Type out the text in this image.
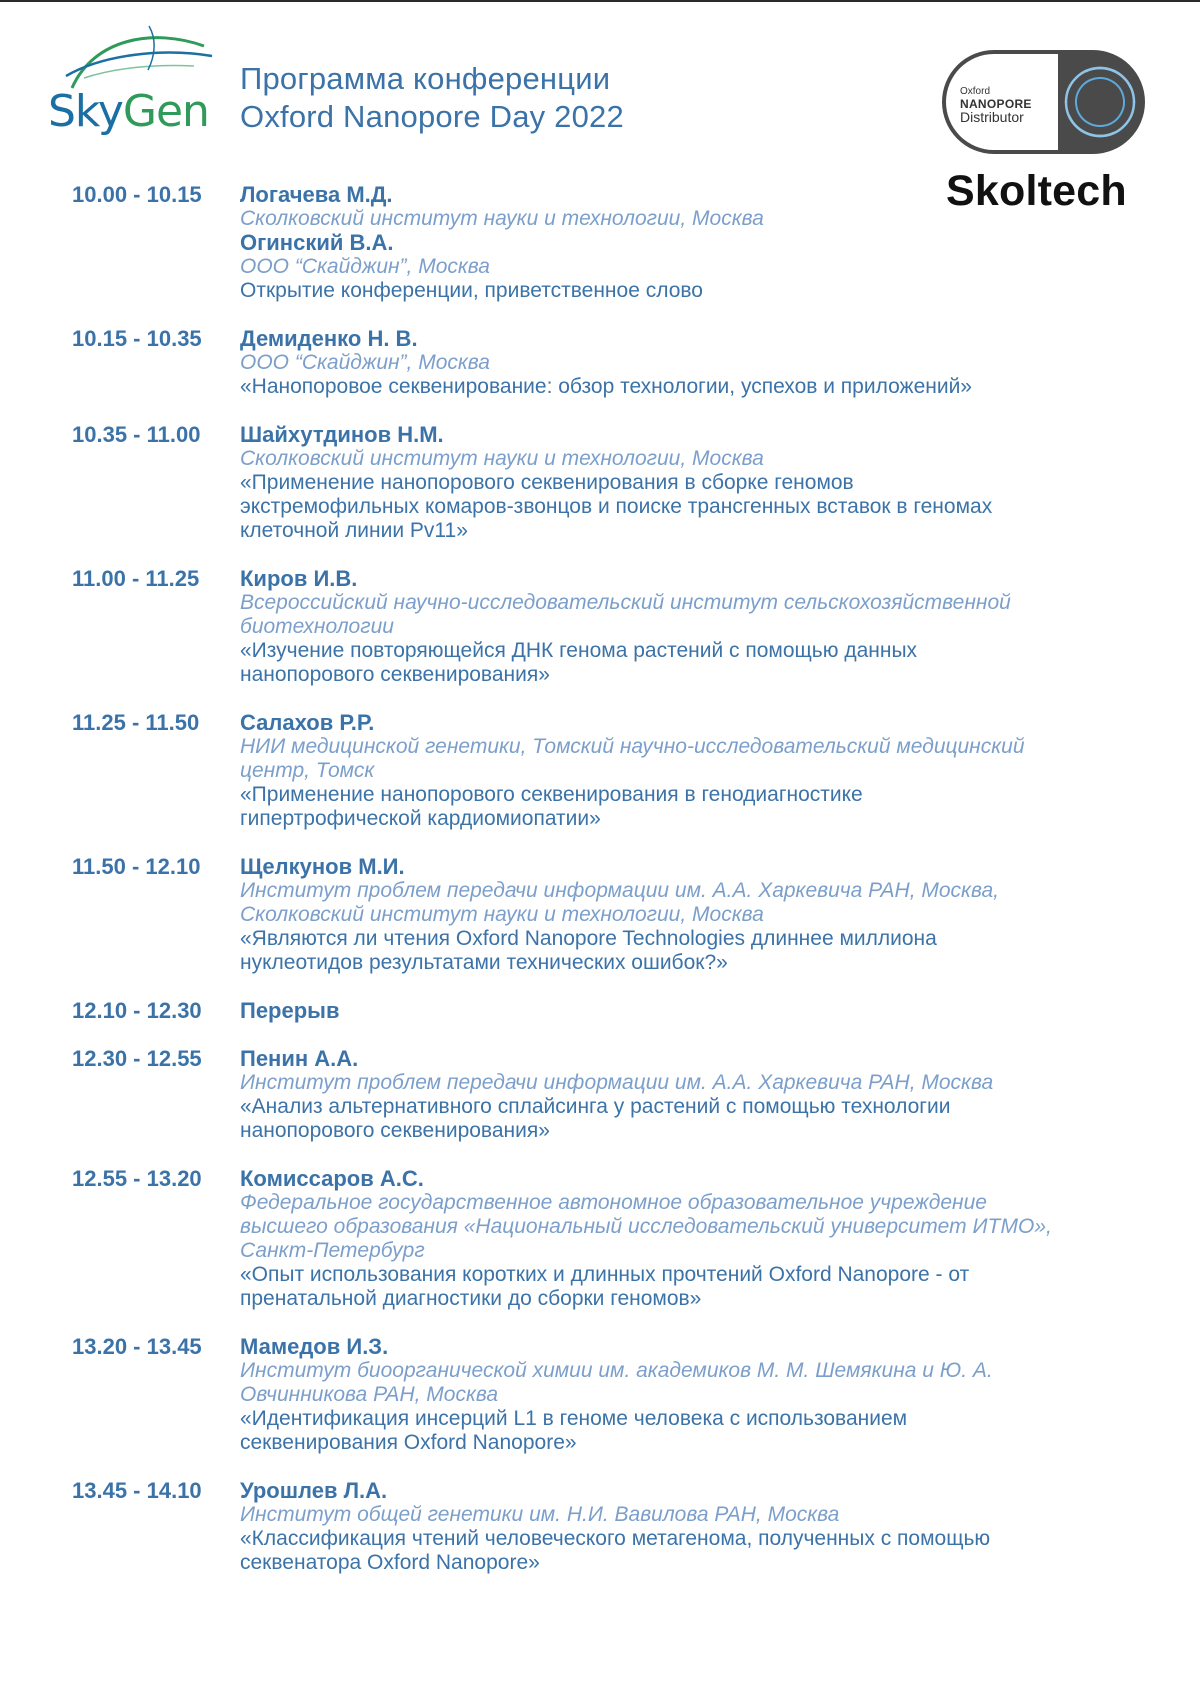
SkyGen
Программа конференции
Oxford Nanopore Day 2022
Oxford
NANOPORE
Distributor
Skoltech
10.00 - 10.15	Логачева М.Д.
Сколковский институт науки и технологии, Москва
Огинский В.А.
ООО “Скайджин”, Москва
Открытие конференции, приветственное слово
10.15 - 10.35	Демиденко Н. В.
ООО “Скайджин”, Москва
«Нанопоровое секвенирование: обзор технологии, успехов и приложений»
10.35 - 11.00	Шайхутдинов Н.М.
Сколковский институт науки и технологии, Москва
«Применение нанопорового секвенирования в сборке геномов
экстремофильных комаров-звонцов и поиске трансгенных вставок в геномах
клеточной линии Pv11»
11.00 - 11.25	Киров И.В.
Всероссийский научно-исследовательский институт сельскохозяйственной
биотехнологии
«Изучение повторяющейся ДНК генома растений с помощью данных
нанопорового секвенирования»
11.25 - 11.50	Салахов Р.Р.
НИИ медицинской генетики, Томский научно-исследовательский медицинский
центр, Томск
«Применение нанопорового секвенирования в генодиагностике
гипертрофической кардиомиопатии»
11.50 - 12.10	Щелкунов М.И.
Институт проблем передачи информации им. А.А. Харкевича РАН, Москва,
Сколковский институт науки и технологии, Москва
«Являются ли чтения Oxford Nanopore Technologies длиннее миллиона
нуклеотидов результатами технических ошибок?»
12.10 - 12.30	Перерыв
12.30 - 12.55	Пенин А.А.
Институт проблем передачи информации им. А.А. Харкевича РАН, Москва
«Анализ альтернативного сплайсинга у растений с помощью технологии
нанопорового секвенирования»
12.55 - 13.20	Комиссаров А.С.
Федеральное государственное автономное образовательное учреждение
высшего образования «Национальный исследовательский университет ИТМО»,
Санкт-Петербург
«Опыт использования коротких и длинных прочтений Oxford Nanopore - от
пренатальной диагностики до сборки геномов»
13.20 - 13.45	Мамедов И.З.
Институт биоорганической химии им. академиков М. М. Шемякина и Ю. А.
Овчинникова РАН, Москва
«Идентификация инсерций L1 в геноме человека с использованием
секвенирования Oxford Nanopore»
13.45 - 14.10	Урошлев Л.А.
Институт общей генетики им. Н.И. Вавилова РАН, Москва
«Классификация чтений человеческого метагенома, полученных с помощью
секвенатора Oxford Nanopore»
